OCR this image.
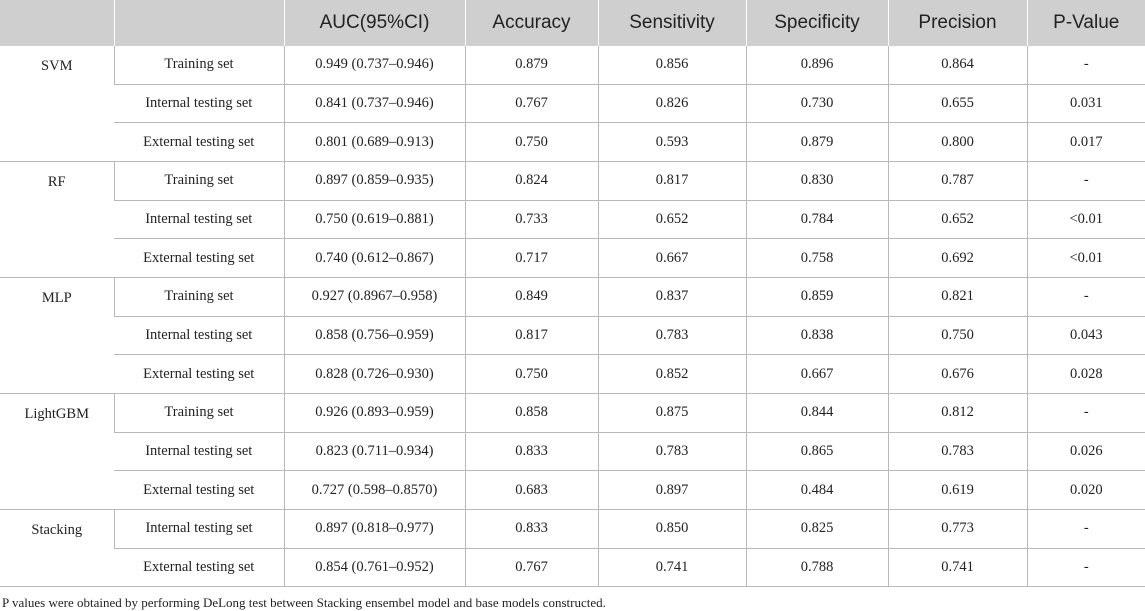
		AUC(95%CI)	Accuracy	Sensitivity	Specificity	Precision	P-Value
SVM	Training set	0.949 (0.737–0.946)	0.879	0.856	0.896	0.864	-
	Internal testing set	0.841 (0.737–0.946)	0.767	0.826	0.730	0.655	0.031
	External testing set	0.801 (0.689–0.913)	0.750	0.593	0.879	0.800	0.017
RF	Training set	0.897 (0.859–0.935)	0.824	0.817	0.830	0.787	-
	Internal testing set	0.750 (0.619–0.881)	0.733	0.652	0.784	0.652	<0.01
	External testing set	0.740 (0.612–0.867)	0.717	0.667	0.758	0.692	<0.01
MLP	Training set	0.927 (0.8967–0.958)	0.849	0.837	0.859	0.821	-
	Internal testing set	0.858 (0.756–0.959)	0.817	0.783	0.838	0.750	0.043
	External testing set	0.828 (0.726–0.930)	0.750	0.852	0.667	0.676	0.028
LightGBM	Training set	0.926 (0.893–0.959)	0.858	0.875	0.844	0.812	-
	Internal testing set	0.823 (0.711–0.934)	0.833	0.783	0.865	0.783	0.026
	External testing set	0.727 (0.598–0.8570)	0.683	0.897	0.484	0.619	0.020
Stacking	Internal testing set	0.897 (0.818–0.977)	0.833	0.850	0.825	0.773	-
	External testing set	0.854 (0.761–0.952)	0.767	0.741	0.788	0.741	-
P values were obtained by performing DeLong test between Stacking ensembel model and base models constructed.
